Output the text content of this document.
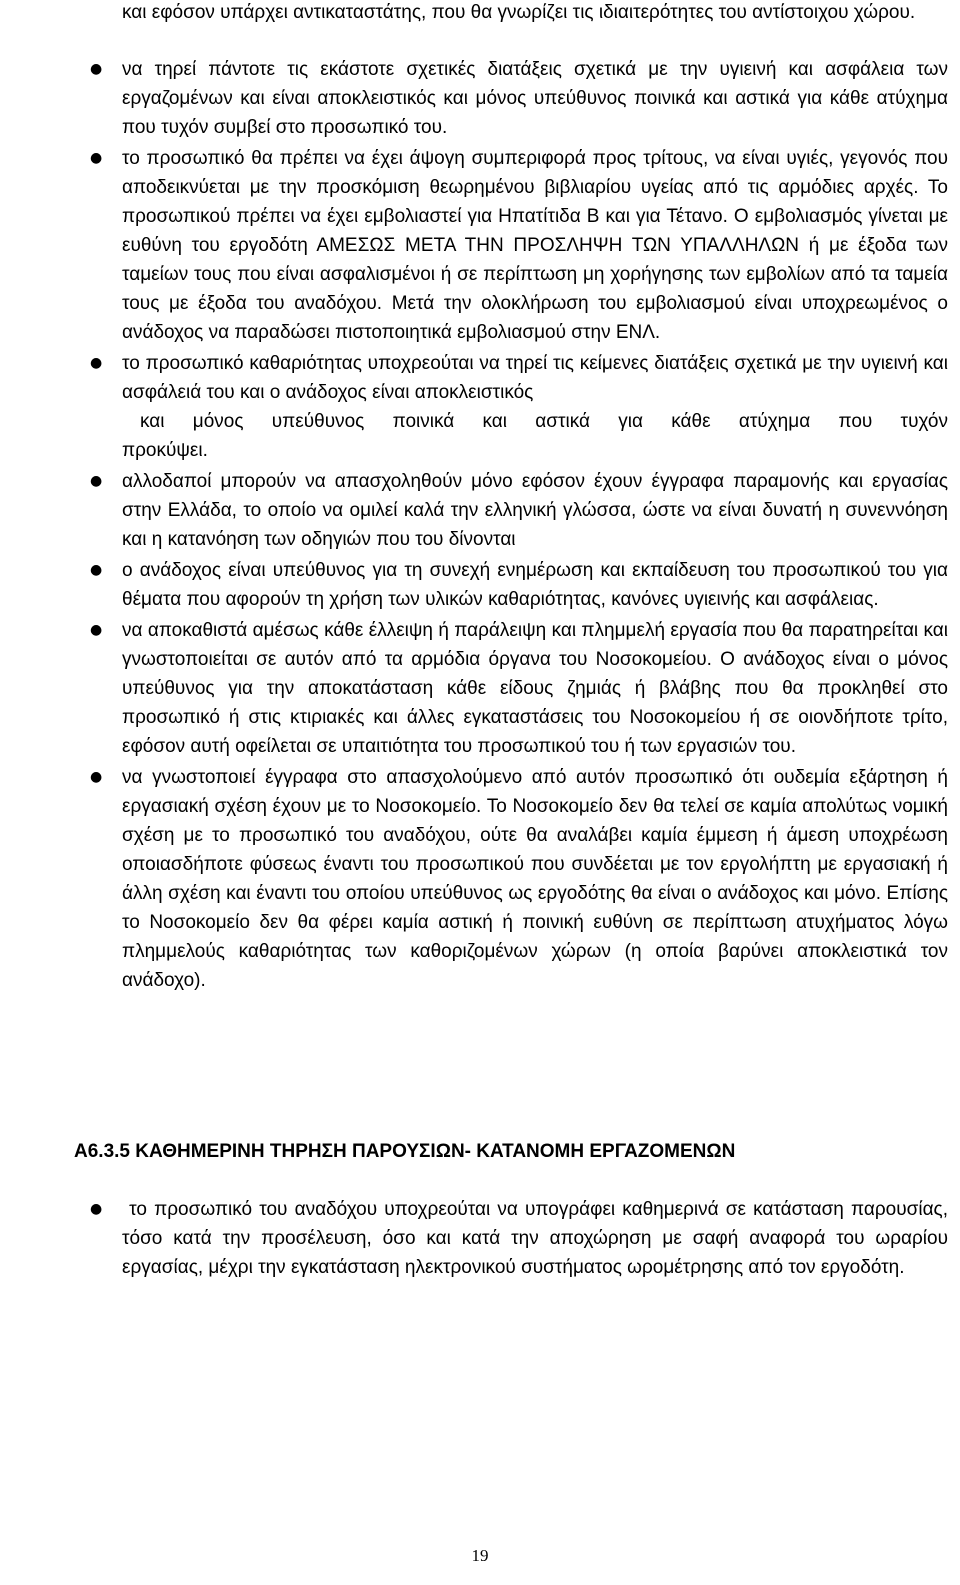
και εφόσον υπάρχει αντικαταστάτης, που θα γνωρίζει τις ιδιαιτερότητες του αντίστοιχου χώρου.

● να τηρεί πάντοτε τις εκάστοτε σχετικές διατάξεις σχετικά με την υγιεινή και ασφάλεια των εργαζομένων και είναι αποκλειστικός και μόνος υπεύθυνος ποινικά και αστικά για κάθε ατύχημα που τυχόν συμβεί στο προσωπικό του.
● το προσωπικό θα πρέπει να έχει άψογη συμπεριφορά προς τρίτους, να είναι υγιές, γεγονός που αποδεικνύεται με την προσκόμιση θεωρημένου βιβλιαρίου υγείας από τις αρμόδιες αρχές. Το προσωπικού πρέπει να έχει εμβολιαστεί για Ηπατίτιδα Β και για Τέτανο. Ο εμβολιασμός γίνεται με ευθύνη του εργοδότη ΑΜΕΣΩΣ ΜΕΤΑ ΤΗΝ ΠΡΟΣΛΗΨΗ ΤΩΝ ΥΠΑΛΛΗΛΩΝ ή με έξοδα των ταμείων τους που είναι ασφαλισμένοι ή σε περίπτωση μη χορήγησης των εμβολίων από τα ταμεία τους με έξοδα του αναδόχου. Μετά την ολοκλήρωση του εμβολιασμού είναι υποχρεωμένος ο ανάδοχος να παραδώσει πιστοποιητικά εμβολιασμού στην ΕΝΛ.
● το προσωπικό καθαριότητας υποχρεούται να τηρεί τις κείμενες διατάξεις σχετικά με την υγιεινή και ασφάλειά του και ο ανάδοχος είναι αποκλειστικός
και μόνος υπεύθυνος ποινικά και αστικά για κάθε ατύχημα που τυχόν
προκύψει.
● αλλοδαποί μπορούν να απασχοληθούν μόνο εφόσον έχουν έγγραφα παραμονής και εργασίας στην Ελλάδα, το οποίο να ομιλεί καλά την ελληνική γλώσσα, ώστε να είναι δυνατή η συνεννόηση και η κατανόηση των οδηγιών που του δίνονται
● ο ανάδοχος είναι υπεύθυνος για τη συνεχή ενημέρωση και εκπαίδευση του προσωπικού του για θέματα που αφορούν τη χρήση των υλικών καθαριότητας, κανόνες υγιεινής και ασφάλειας.
● να αποκαθιστά αμέσως κάθε έλλειψη ή παράλειψη και πλημμελή εργασία που θα παρατηρείται και γνωστοποιείται σε αυτόν από τα αρμόδια όργανα του Νοσοκομείου. Ο ανάδοχος είναι ο μόνος υπεύθυνος για την αποκατάσταση κάθε είδους ζημιάς ή βλάβης που θα προκληθεί στο προσωπικό ή στις κτιριακές και άλλες εγκαταστάσεις του Νοσοκομείου ή σε οιονδήποτε τρίτο, εφόσον αυτή οφείλεται σε υπαιτιότητα του προσωπικού του ή των εργασιών του.
● να γνωστοποιεί έγγραφα στο απασχολούμενο από αυτόν προσωπικό ότι ουδεμία εξάρτηση ή εργασιακή σχέση έχουν με το Νοσοκομείο. Το Νοσοκομείο δεν θα τελεί σε καμία απολύτως νομική σχέση με το προσωπικό του αναδόχου, ούτε θα αναλάβει καμία έμμεση ή άμεση υποχρέωση οποιασδήποτε φύσεως έναντι του προσωπικού που συνδέεται με τον εργολήπτη με εργασιακή ή άλλη σχέση και έναντι του οποίου υπεύθυνος ως εργοδότης θα είναι ο ανάδοχος και μόνο. Επίσης το Νοσοκομείο δεν θα φέρει καμία αστική ή ποινική ευθύνη σε περίπτωση ατυχήματος λόγω πλημμελούς καθαριότητας των καθοριζομένων χώρων (η οποία βαρύνει αποκλειστικά τον ανάδοχο).
Α6.3.5 ΚΑΘΗΜΕΡΙΝΗ ΤΗΡΗΣΗ ΠΑΡΟΥΣΙΩΝ- ΚΑΤΑΝΟΜΗ ΕΡΓΑΖΟΜΕΝΩΝ
● το προσωπικό του αναδόχου υποχρεούται να υπογράφει καθημερινά σε κατάσταση παρουσίας, τόσο κατά την προσέλευση, όσο και κατά την αποχώρηση με σαφή αναφορά του ωραρίου εργασίας, μέχρι την εγκατάσταση ηλεκτρονικού συστήματος ωρομέτρησης από τον εργοδότη.
19
